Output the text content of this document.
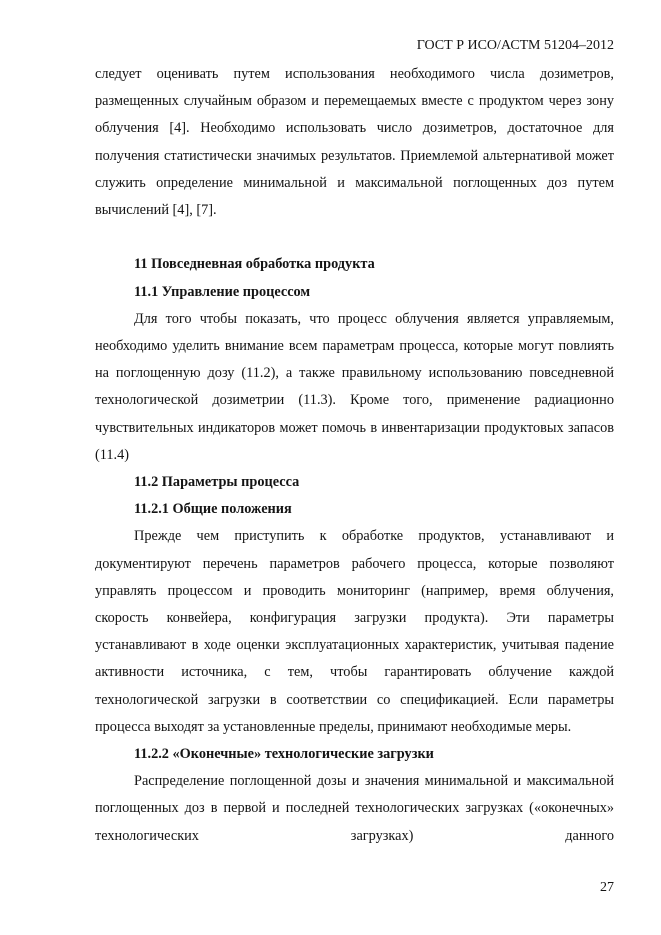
ГОСТ Р ИСО/АСТМ 51204–2012

следует оценивать путем использования необходимого числа дозиметров, размещенных случайным образом и перемещаемых вместе с продуктом через зону облучения [4]. Необходимо использовать число дозиметров, достаточное для получения статистически значимых результатов. Приемлемой альтернативой может служить определение минимальной и максимальной поглощенных доз путем вычислений [4], [7].

11 Повседневная обработка продукта

11.1 Управление процессом

Для того чтобы показать, что процесс облучения является управляемым, необходимо уделить внимание всем параметрам процесса, которые могут повлиять на поглощенную дозу (11.2), а также правильному использованию повседневной технологической дозиметрии (11.3). Кроме того, применение радиационно чувствительных индикаторов может помочь в инвентаризации продуктовых запасов (11.4)

11.2 Параметры процесса

11.2.1 Общие положения

Прежде чем приступить к обработке продуктов, устанавливают и документируют перечень параметров рабочего процесса, которые позволяют управлять процессом и проводить мониторинг (например, время облучения, скорость конвейера, конфигурация загрузки продукта). Эти параметры устанавливают в ходе оценки эксплуатационных характеристик, учитывая падение активности источника, с тем, чтобы гарантировать облучение каждой технологической загрузки в соответствии со спецификацией. Если параметры процесса выходят за установленные пределы, принимают необходимые меры.

11.2.2 «Оконечные» технологические загрузки

Распределение поглощенной дозы и значения минимальной и максимальной поглощенных доз в первой и последней технологических загрузках («оконечных» технологических загрузках) данного

27
